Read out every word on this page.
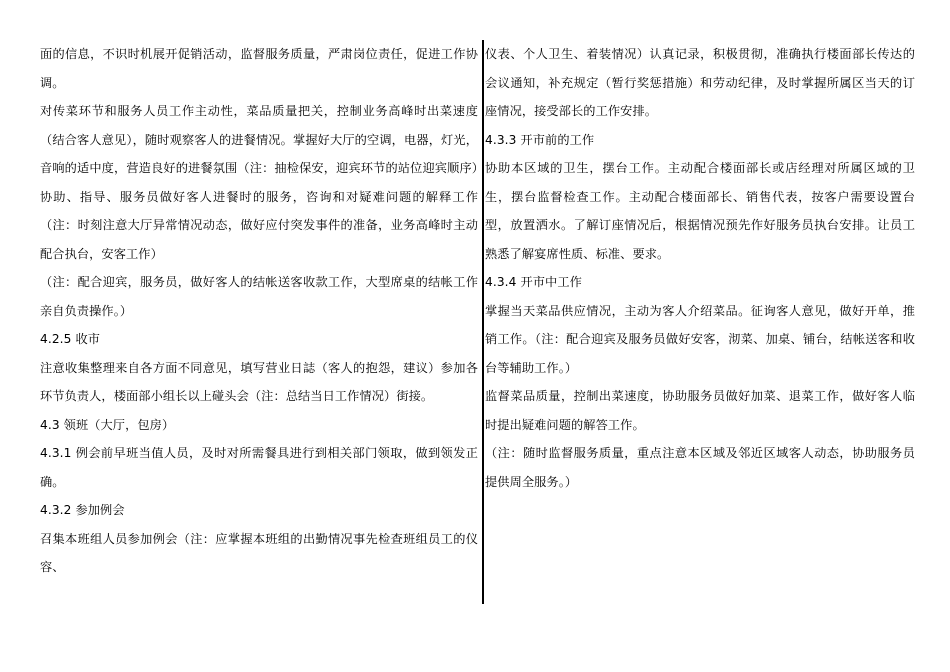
面的信息，不识时机展开促销活动，监督服务质量，严肃岗位责任，促进工作协调。

对传菜环节和服务人员工作主动性，菜品质量把关，控制业务高峰时出菜速度（结合客人意见），随时观察客人的进餐情况。掌握好大厅的空调，电器，灯光，音响的适中度，营造良好的进餐氛围（注：抽检保安，迎宾环节的站位迎宾顺序）协助、指导、服务员做好客人进餐时的服务，咨询和对疑难问题的解释工作（注：时刻注意大厅异常情况动态，做好应付突发事件的准备，业务高峰时主动配合执台，安客工作）

（注：配合迎宾，服务员，做好客人的结帐送客收款工作，大型席桌的结帐工作亲自负责操作。）

4.2.5 收市

注意收集整理来自各方面不同意见，填写营业日誌（客人的抱怨，建议）参加各环节负责人，楼面部小组长以上碰头会（注：总结当日工作情况）街接。

4.3 领班（大厅，包房）

4.3.1 例会前早班当值人员，及时对所需餐具进行到相关部门领取，做到领发正确。

4.3.2 参加例会

召集本班组人员参加例会（注：应掌握本班组的出勤情况事先检查班组员工的仪容、

仪表、个人卫生、着装情况）认真记录，积极贯彻，准确执行楼面部长传达的会议通知，补充规定（暂行奖惩措施）和劳动纪律，及时掌握所属区当天的订座情况，接受部长的工作安排。

4.3.3 开市前的工作

协助本区域的卫生，摆台工作。主动配合楼面部长或店经理对所属区域的卫生，摆台监督检查工作。主动配合楼面部长、销售代表，按客户需要设置台型，放置洒水。了解订座情况后，根据情况预先作好服务员执台安排。让员工熟悉了解宴席性质、标准、要求。

4.3.4 开市中工作

掌握当天菜品供应情况，主动为客人介绍菜品。征询客人意见，做好开单，推销工作。（注：配合迎宾及服务员做好安客，沏菜、加桌、铺台，结帐送客和收台等辅助工作。）

监督菜品质量，控制出菜速度，协助服务员做好加菜、退菜工作，做好客人临时提出疑难问题的解答工作。

（注：随时监督服务质量，重点注意本区域及邻近区域客人动态，协助服务员提供周全服务。）
